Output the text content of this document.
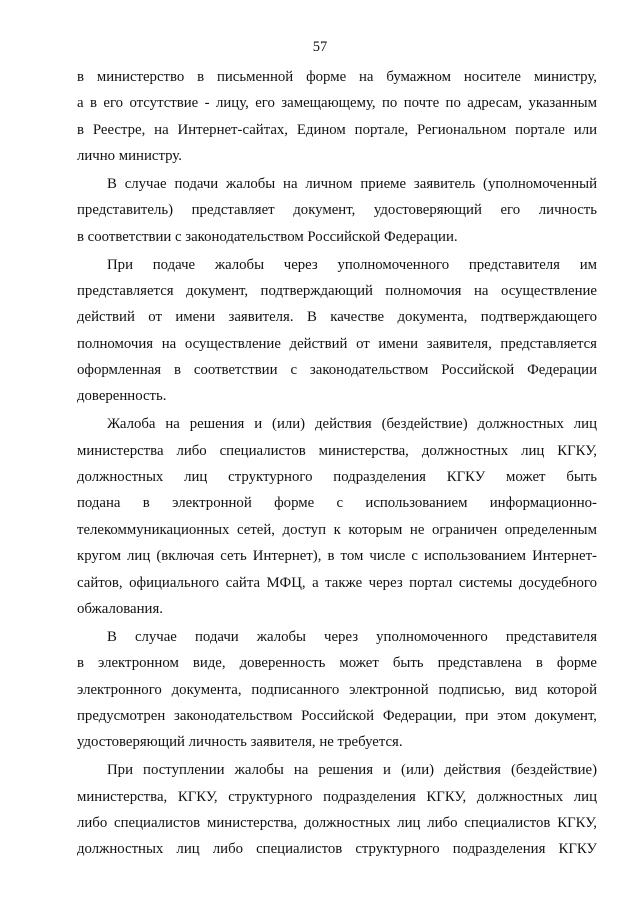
57
в министерство в письменной форме на бумажном носителе министру,
а в его отсутствие - лицу, его замещающему, по почте по адресам, указанным
в Реестре, на Интернет-сайтах, Едином портале, Региональном портале или
лично министру.
В случае подачи жалобы на личном приеме заявитель (уполномоченный
представитель) представляет документ, удостоверяющий его личность
в соответствии с законодательством Российской Федерации.
При подаче жалобы через уполномоченного представителя им
представляется документ, подтверждающий полномочия на осуществление
действий от имени заявителя. В качестве документа, подтверждающего
полномочия на осуществление действий от имени заявителя, представляется
оформленная в соответствии с законодательством Российской Федерации
доверенность.
Жалоба на решения и (или) действия (бездействие) должностных лиц
министерства либо специалистов министерства, должностных лиц КГКУ,
должностных лиц структурного подразделения КГКУ может быть
подана в электронной форме с использованием информационно-
телекоммуникационных сетей, доступ к которым не ограничен определенным
кругом лиц (включая сеть Интернет), в том числе с использованием Интернет-
сайтов, официального сайта МФЦ, а также через портал системы досудебного
обжалования.
В случае подачи жалобы через уполномоченного представителя
в электронном виде, доверенность может быть представлена в форме
электронного документа, подписанного электронной подписью, вид которой
предусмотрен законодательством Российской Федерации, при этом документ,
удостоверяющий личность заявителя, не требуется.
При поступлении жалобы на решения и (или) действия (бездействие)
министерства, КГКУ, структурного подразделения КГКУ, должностных лиц
либо специалистов министерства, должностных лиц либо специалистов КГКУ,
должностных лиц либо специалистов структурного подразделения КГКУ
